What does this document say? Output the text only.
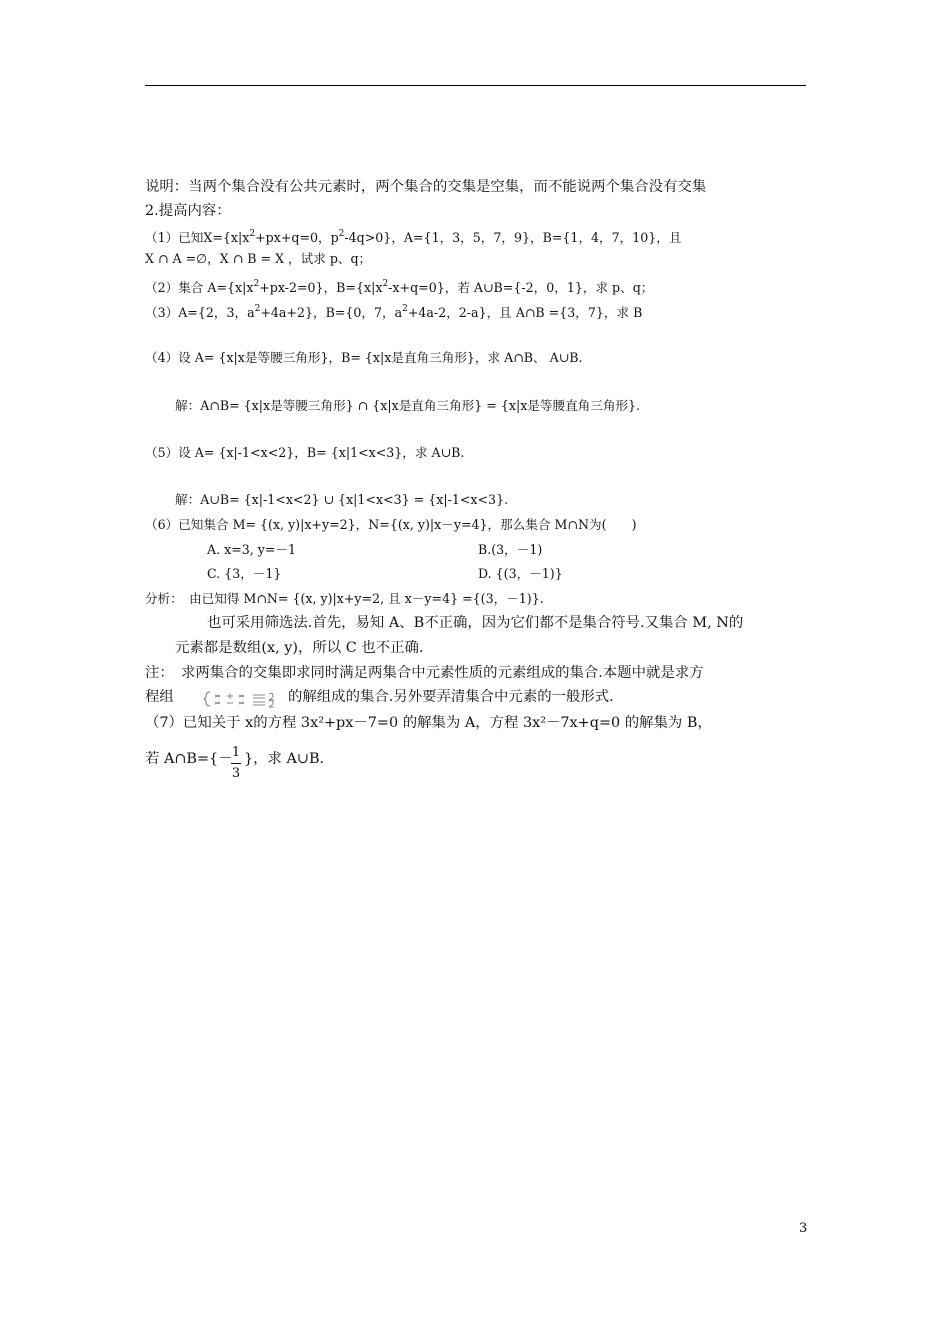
说明：当两个集合没有公共元素时，两个集合的交集是空集，而不能说两个集合没有交集
2.提高内容：
（1）已知$X=\{x|x^2+px+q=0$，$p^2-4q>0$}，A={1，3，5，7，9}，B={1，4，7，10}，且
X ∩ A =∅，X ∩ B = X ，试求 p、q；
（2）集合 $A=\{x|x^2+px-2=0\}$，$B=\{x|x^2-x+q=0\}$，若 A∪B={-2，0，1}，求 p、q；
（3）A={2，3，$a^2+4a+2$}，B={0，7，$a^2+4a-2$，2-a}，且 A∩B ={3，7}，求 B
（4）设 A= {x|x是等腰三角形}，B= {x|x是直角三角形}，求 A∩B、 A∪B.
解：A∩B= {x|x是等腰三角形} ∩ {x|x是直角三角形} = {x|x是等腰直角三角形}.
（5）设 A= {x|-1<x<2}，B= {x|1<x<3}，求 A∪B.
解：A∪B= {x|-1<x<2} ∪ {x|1<x<3} = {x|-1<x<3}.
（6）已知集合 M= {(x, y)|x+y=2}，N={(x, y)|x－y=4}，那么集合 M∩N为(　　)
A. x=3, y=－1	B.(3，－1)
C. {3，－1}	D. {(3，－1)}
分析：　由已知得 M∩N= {(x, y)|x+y=2, 且 x－y=4} ={(3，－1)}.
也可采用筛选法.首先，易知 A、B不正确，因为它们都不是集合符号.又集合 M, N的
元素都是数组(x, y)，所以 C 也不正确.
注：　求两集合的交集即求同时满足两集合中元素性质的元素组成的集合.本题中就是求方
程组	的解组成的集合.另外要弄清集合中元素的一般形式.
（7）已知关于 x的方程 3x²+px－7=0 的解集为 A，方程 3x²－7x+q=0 的解集为 B，
若 A∩B={－ 1
3
}，求 A∪B.
3
